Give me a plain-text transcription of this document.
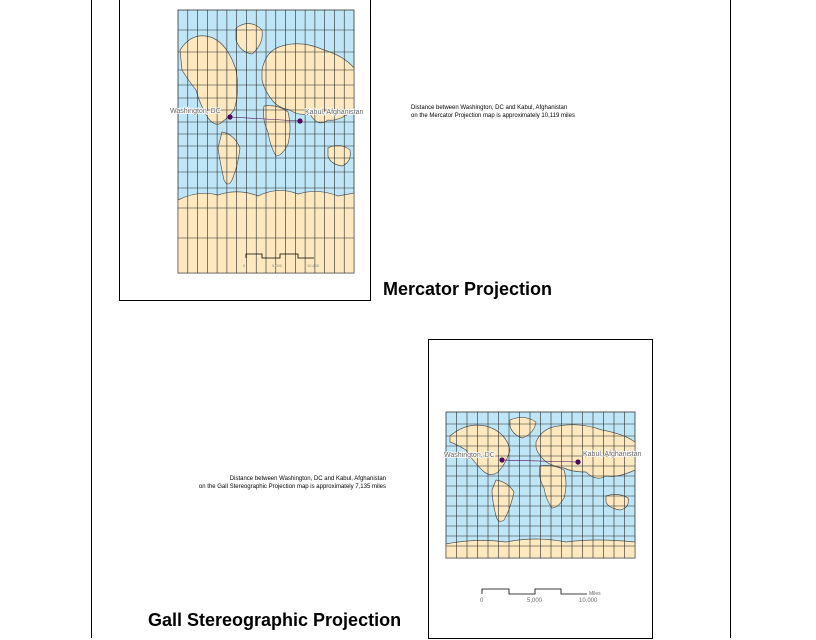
Washington, DC	Kabul, Afghanistan
Mercator Projection
Distance between Washington, DC and Kabul, Afghanistan
on the Mercator Projection map is approximately 10,119 miles
Washington, DC	Kabul, Afghanistan
0	5,000	10,000
Miles
Gall Stereographic Projection
Distance between Washington, DC and Kabul, Afghanistan
on the Gall Stereographic Projection map is approximately 7,135 miles
0	5,000	10,000
